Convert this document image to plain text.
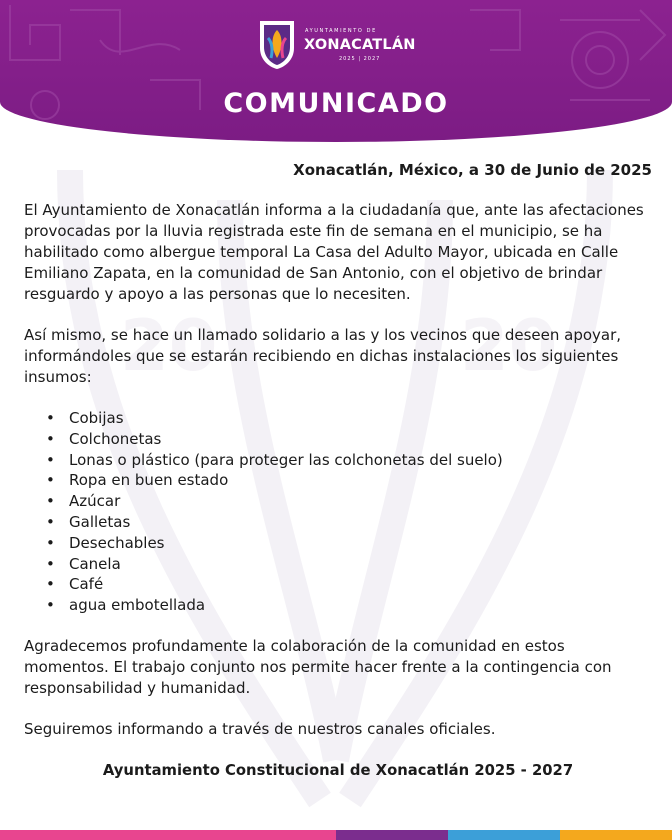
AYUNTAMIENTO DE
XONACATLÁN
2025 | 2027
COMUNICADO
20	20
Xonacatlán, México, a 30 de Junio de 2025

El Ayuntamiento de Xonacatlán informa a la ciudadanía que, ante las afectaciones provocadas por la lluvia registrada este fin de semana en el municipio, se ha habilitado como albergue temporal La Casa del Adulto Mayor, ubicada en Calle Emiliano Zapata, en la comunidad de San Antonio, con el objetivo de brindar resguardo y apoyo a las personas que lo necesiten.

Así mismo, se hace un llamado solidario a las y los vecinos que deseen apoyar, informándoles que se estarán recibiendo en dichas instalaciones los siguientes insumos:

• Cobijas
• Colchonetas
• Lonas o plástico (para proteger las colchonetas del suelo)
• Ropa en buen estado
• Azúcar
• Galletas
• Desechables
• Canela
• Café
• agua embotellada

Agradecemos profundamente la colaboración de la comunidad en estos momentos. El trabajo conjunto nos permite hacer frente a la contingencia con responsabilidad y humanidad.

Seguiremos informando a través de nuestros canales oficiales.

Ayuntamiento Constitucional de Xonacatlán 2025 - 2027
